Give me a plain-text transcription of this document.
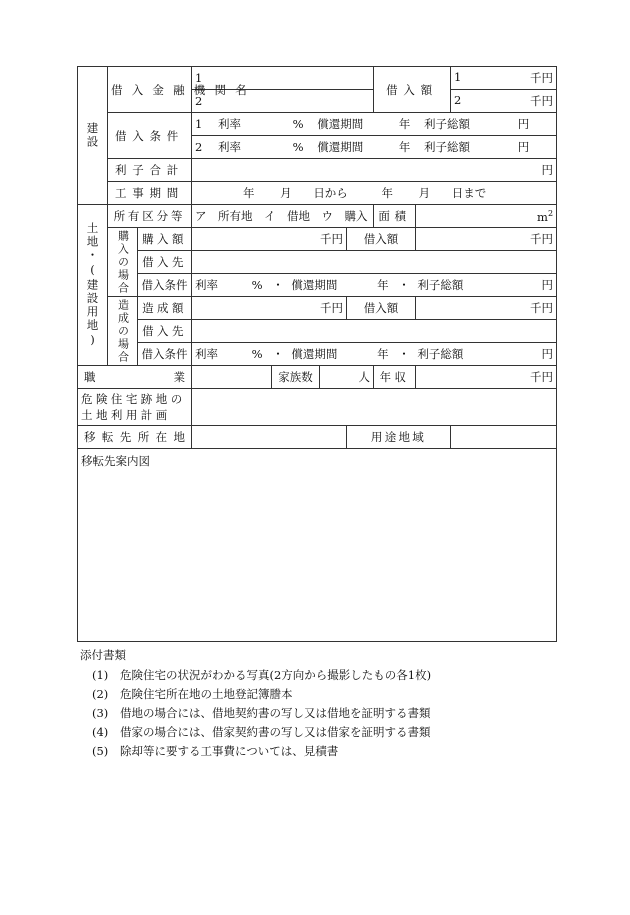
建設	借入金融機関名		1				借入額		1 千円

			2						2 千円

	借入条件		1 利率 % 償還期間 年 利子総額 円						
			2 利率 % 償還期間 年 利子総額 円						
	利子合計		円						
	工事期間		年 月 日から 年 月 日まで						
土地・(建設用地)	所有区分等		ア　所有地　イ　借地　ウ　購入				面積	$m^2$
	購入の場合	購入額	千円			借入額		千円	
		借入先							
		借入条件	利率 % ・ 償還期間 年 ・ 利子総額 円						

	造成の場合	造成額	千円			借入額		千円	
		借入先							
		借入条件	利率 % ・ 償還期間 年 ・ 利子総額 円						

職業				家族数	人		年収	千円	

危険住宅跡地の
土地利用計画									

移転先所在地						用途地域			
移転先案内図									
添付書類
(1) 危険住宅の状況がわかる写真(2方向から撮影したもの各1枚)
(2) 危険住宅所在地の土地登記簿謄本
(3) 借地の場合には、借地契約書の写し又は借地を証明する書類
(4) 借家の場合には、借家契約書の写し又は借家を証明する書類
(5) 除却等に要する工事費については、見積書
